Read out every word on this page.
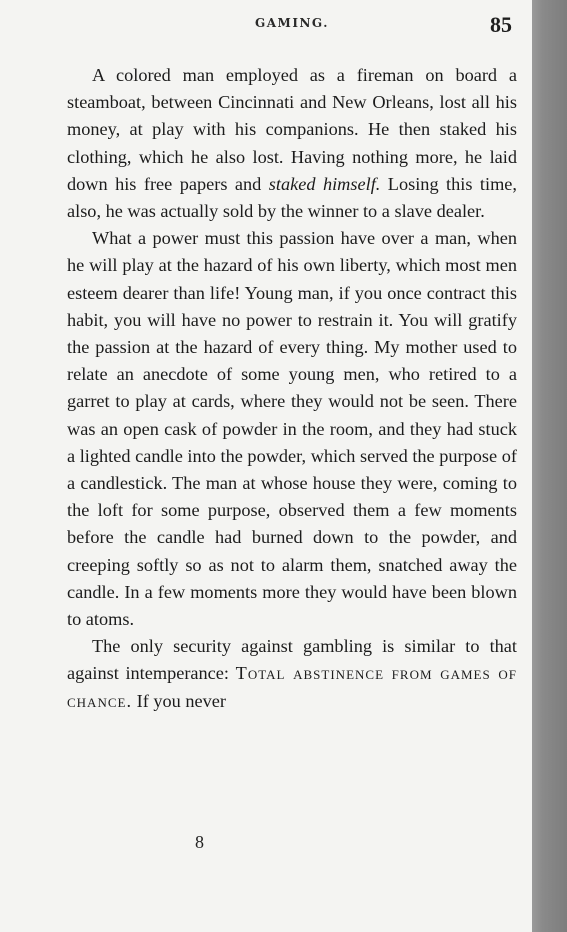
GAMING.	85

A colored man employed as a fireman on board a steamboat, between Cincinnati and New Orleans, lost all his money, at play with his companions. He then staked his clothing, which he also lost. Having nothing more, he laid down his free papers and staked himself. Losing this time, also, he was actually sold by the winner to a slave dealer.

What a power must this passion have over a man, when he will play at the hazard of his own liberty, which most men esteem dearer than life! Young man, if you once contract this habit, you will have no power to restrain it. You will gratify the passion at the hazard of every thing. My mother used to relate an anecdote of some young men, who retired to a garret to play at cards, where they would not be seen. There was an open cask of powder in the room, and they had stuck a lighted candle into the powder, which served the purpose of a candlestick. The man at whose house they were, coming to the loft for some purpose, observed them a few moments before the candle had burned down to the powder, and creeping softly so as not to alarm them, snatched away the candle. In a few moments more they would have been blown to atoms.

The only security against gambling is similar to that against intemperance: Total abstinence from games of chance. If you never

8
